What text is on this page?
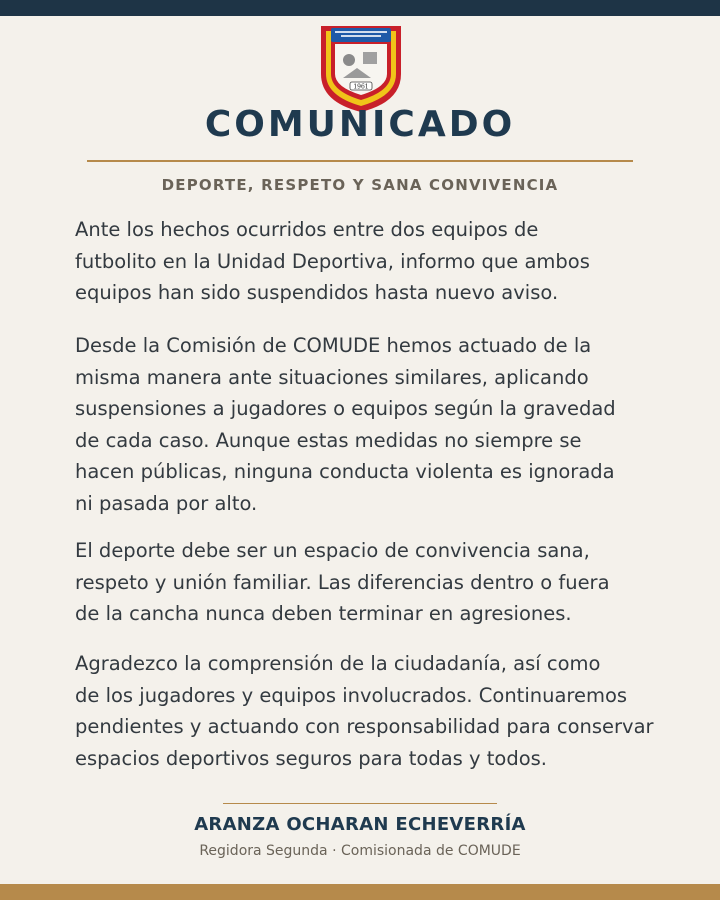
1961
COMUNICADO
DEPORTE, RESPETO Y SANA CONVIVENCIA

Ante los hechos ocurridos entre dos equipos de
futbolito en la Unidad Deportiva, informo que ambos
equipos han sido suspendidos hasta nuevo aviso.

Desde la Comisión de COMUDE hemos actuado de la
misma manera ante situaciones similares, aplicando
suspensiones a jugadores o equipos según la gravedad
de cada caso. Aunque estas medidas no siempre se
hacen públicas, ninguna conducta violenta es ignorada
ni pasada por alto.

El deporte debe ser un espacio de convivencia sana,
respeto y unión familiar. Las diferencias dentro o fuera
de la cancha nunca deben terminar en agresiones.

Agradezco la comprensión de la ciudadanía, así como
de los jugadores y equipos involucrados. Continuaremos
pendientes y actuando con responsabilidad para conservar
espacios deportivos seguros para todas y todos.

ARANZA OCHARAN ECHEVERRÍA
Regidora Segunda · Comisionada de COMUDE
